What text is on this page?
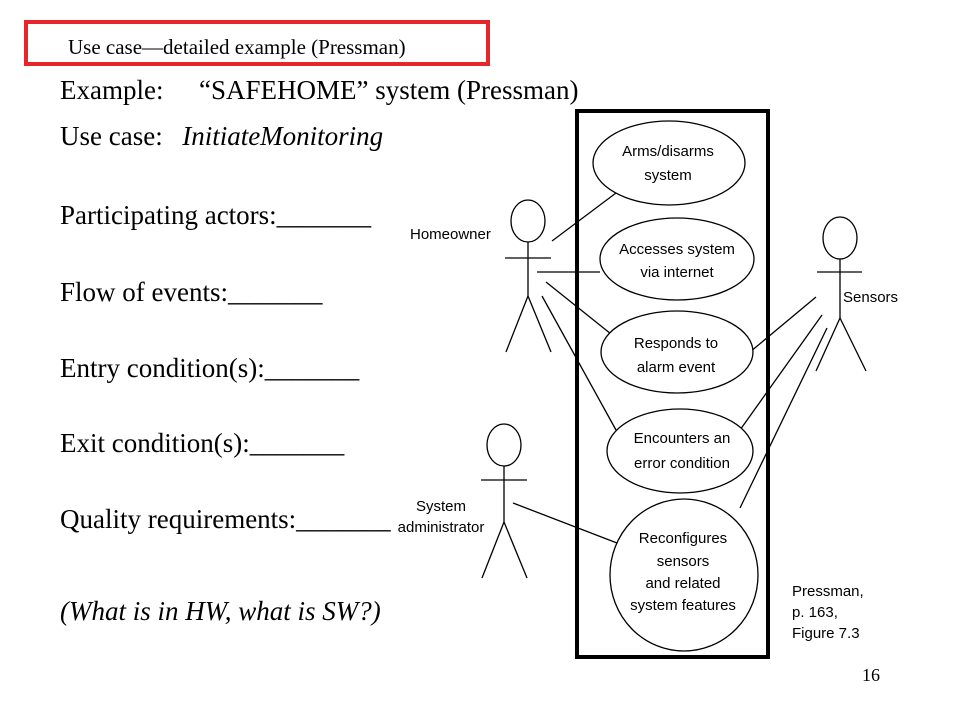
Use case—detailed example (Pressman)
Example: “SAFEHOME” system (Pressman)
Use case: InitiateMonitoring
Participating actors:_______
Flow of events:_______
Entry condition(s):_______
Exit condition(s):_______
Quality requirements:_______
(What is in HW, what is SW?)
Homeowner
Sensors
System
administrator
Arms/disarms
system
Accesses system
via internet
Responds to
alarm event
Encounters an
error condition
Reconfigures
sensors
and related
system features
Pressman,
p. 163,
Figure 7.3
16
